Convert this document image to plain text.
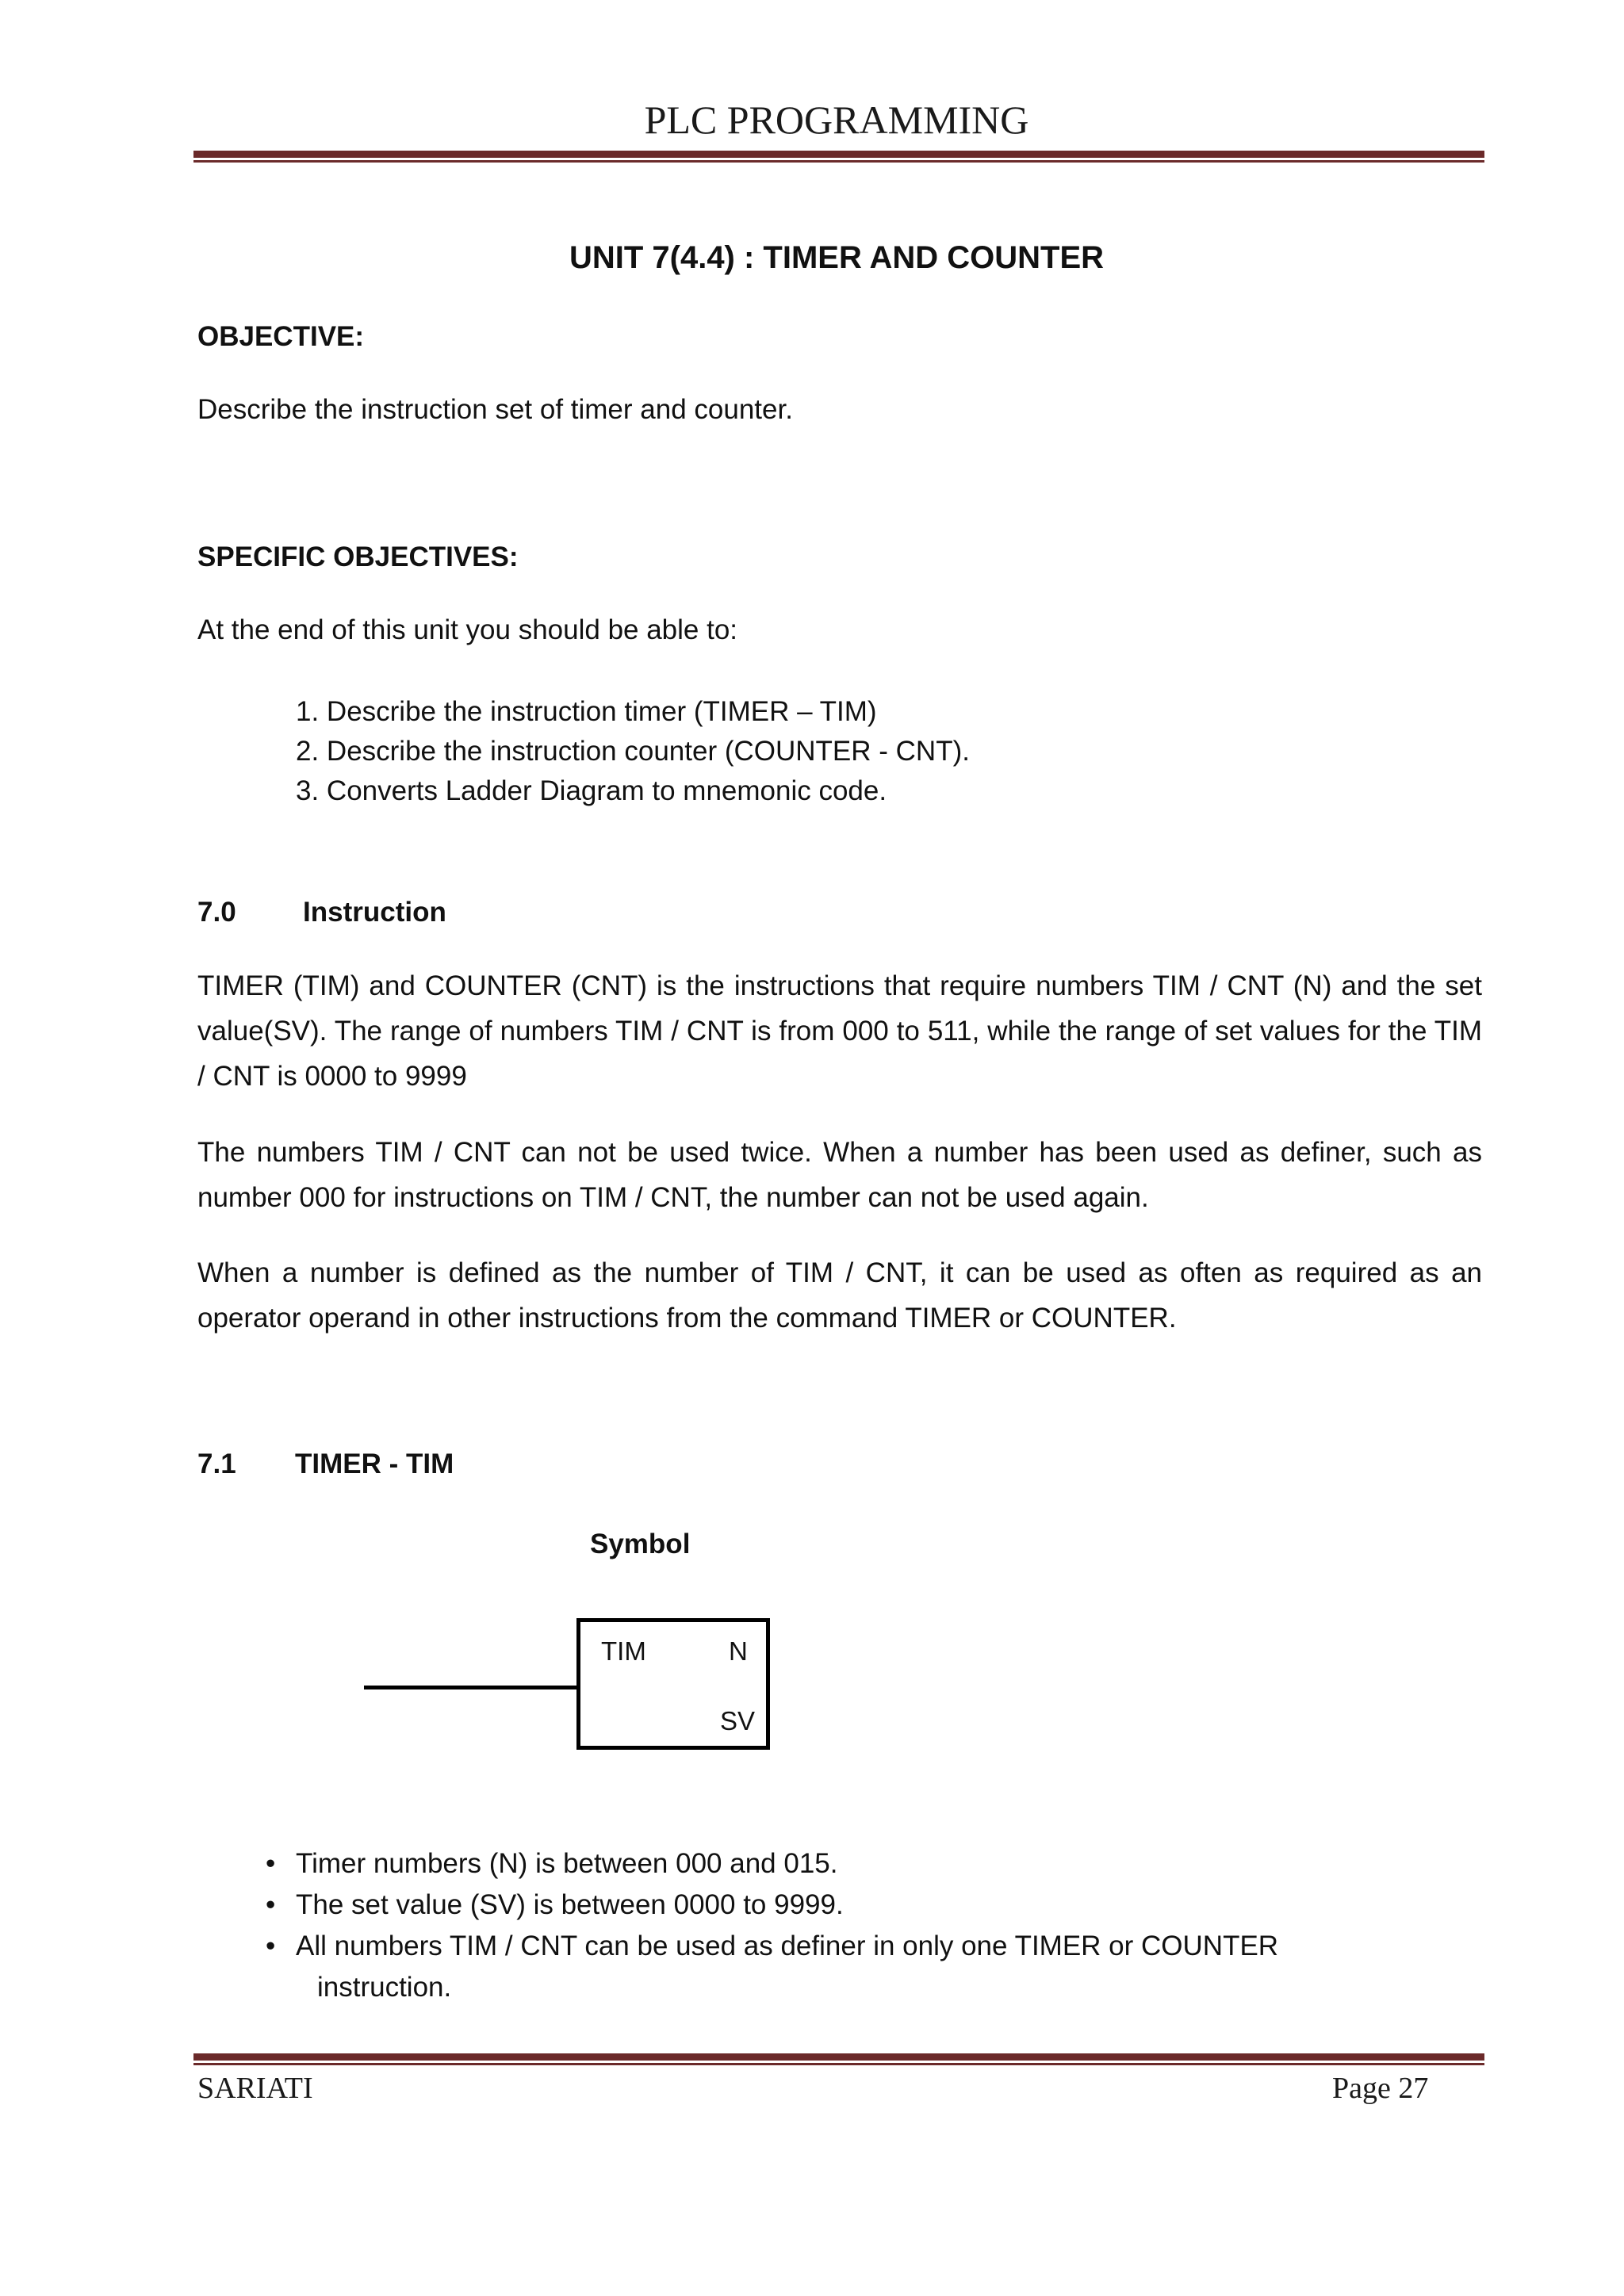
PLC PROGRAMMING
UNIT 7(4.4) : TIMER AND COUNTER
OBJECTIVE:
Describe the instruction set of timer and counter.
SPECIFIC OBJECTIVES:
At the end of this unit you should be able to:
1. Describe the instruction timer (TIMER – TIM)
2. Describe the instruction counter (COUNTER - CNT).
3. Converts Ladder Diagram to mnemonic code.
7.0 Instruction
TIMER (TIM) and COUNTER (CNT) is the instructions that require numbers TIM / CNT (N) and the set value(SV). The range of numbers TIM / CNT is from 000 to 511, while the range of set values for the TIM / CNT is 0000 to 9999
The numbers TIM / CNT can not be used twice. When a number has been used as definer, such as number 000 for instructions on TIM / CNT, the number can not be used again.
When a number is defined as the number of TIM / CNT, it can be used as often as required as an operator operand in other instructions from the command TIMER or COUNTER.
7.1 TIMER - TIM
Symbol
TIM	N
SV
• Timer numbers (N) is between 000 and 015.
• The set value (SV) is between 0000 to 9999.
• All numbers TIM / CNT can be used as definer in only one TIMER or COUNTER
instruction.
SARIATI	Page 27
